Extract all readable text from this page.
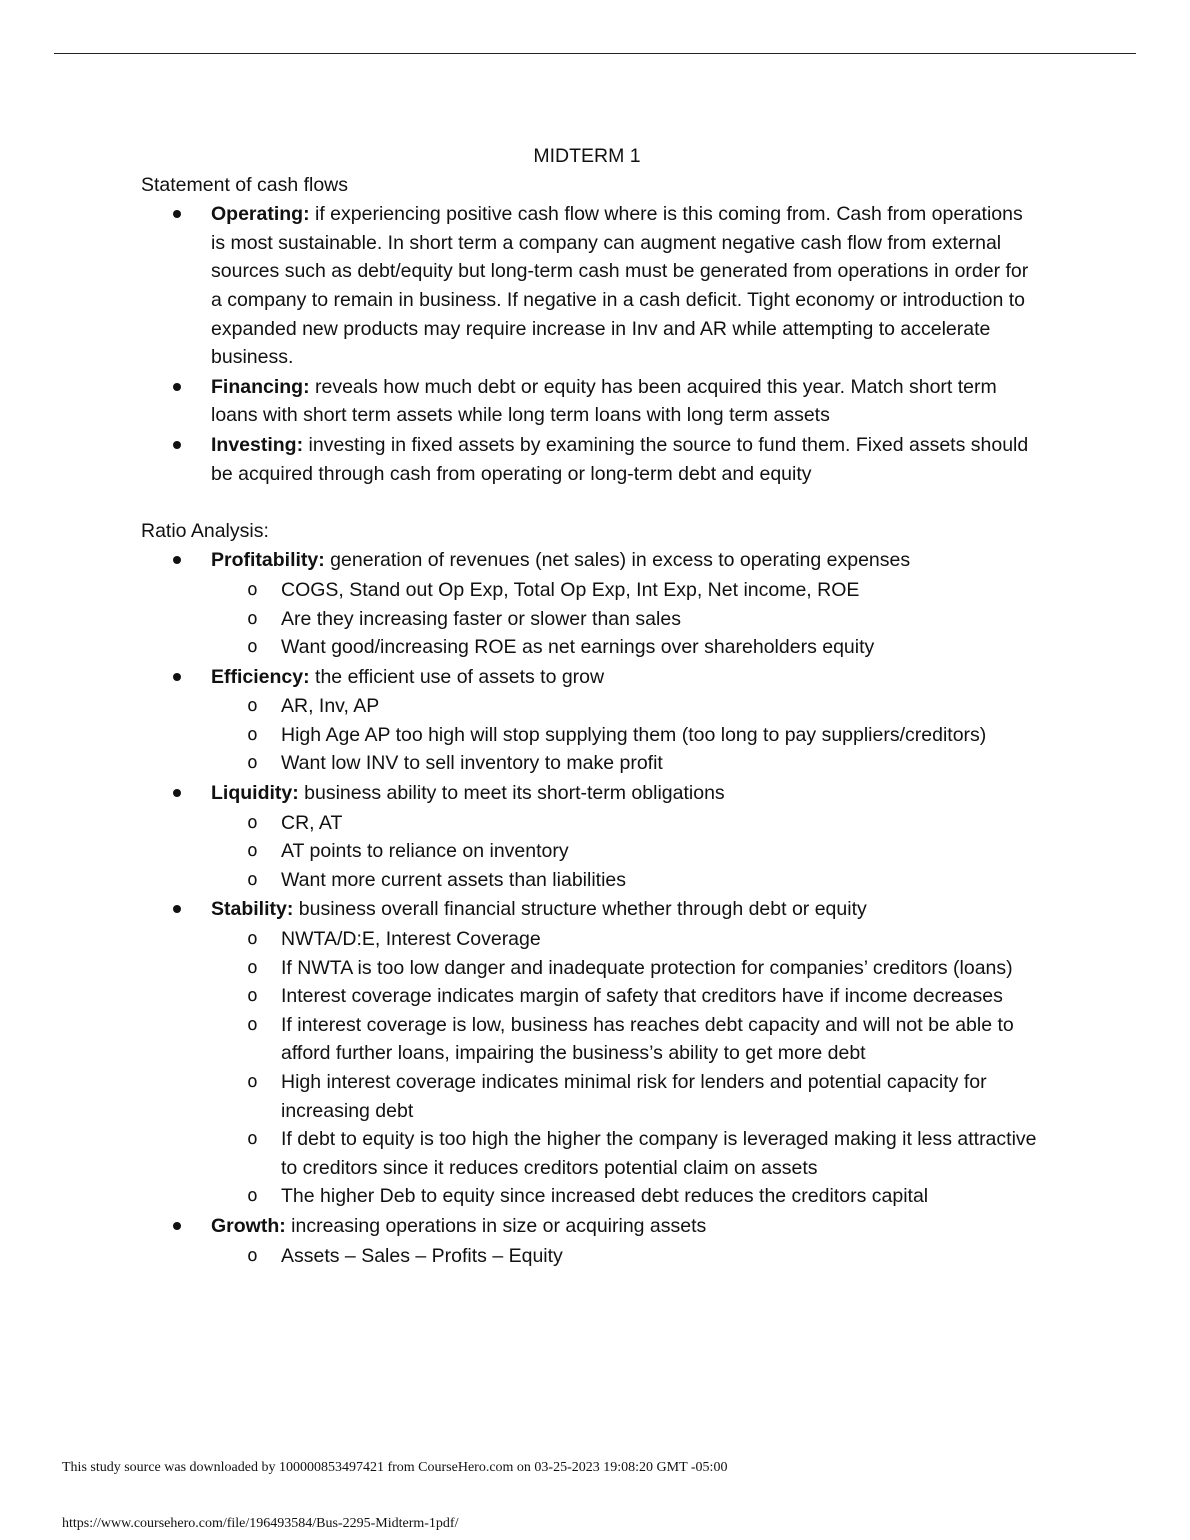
MIDTERM 1
Statement of cash flows
Operating: if experiencing positive cash flow where is this coming from. Cash from operations is most sustainable. In short term a company can augment negative cash flow from external sources such as debt/equity but long-term cash must be generated from operations in order for a company to remain in business. If negative in a cash deficit. Tight economy or introduction to expanded new products may require increase in Inv and AR while attempting to accelerate business.
Financing: reveals how much debt or equity has been acquired this year. Match short term loans with short term assets while long term loans with long term assets
Investing: investing in fixed assets by examining the source to fund them. Fixed assets should be acquired through cash from operating or long-term debt and equity
Ratio Analysis:
Profitability: generation of revenues (net sales) in excess to operating expenses
o COGS, Stand out Op Exp, Total Op Exp, Int Exp, Net income, ROE
o Are they increasing faster or slower than sales
o Want good/increasing ROE as net earnings over shareholders equity
Efficiency: the efficient use of assets to grow
o AR, Inv, AP
o High Age AP too high will stop supplying them (too long to pay suppliers/creditors)
o Want low INV to sell inventory to make profit
Liquidity: business ability to meet its short-term obligations
o CR, AT
o AT points to reliance on inventory
o Want more current assets than liabilities
Stability: business overall financial structure whether through debt or equity
o NWTA/D:E, Interest Coverage
o If NWTA is too low danger and inadequate protection for companies’ creditors (loans)
o Interest coverage indicates margin of safety that creditors have if income decreases
o If interest coverage is low, business has reaches debt capacity and will not be able to afford further loans, impairing the business’s ability to get more debt
o High interest coverage indicates minimal risk for lenders and potential capacity for increasing debt
o If debt to equity is too high the higher the company is leveraged making it less attractive to creditors since it reduces creditors potential claim on assets
o The higher Deb to equity since increased debt reduces the creditors capital
Growth: increasing operations in size or acquiring assets
o Assets – Sales – Profits – Equity
This study source was downloaded by 100000853497421 from CourseHero.com on 03-25-2023 19:08:20 GMT -05:00
https://www.coursehero.com/file/196493584/Bus-2295-Midterm-1pdf/
